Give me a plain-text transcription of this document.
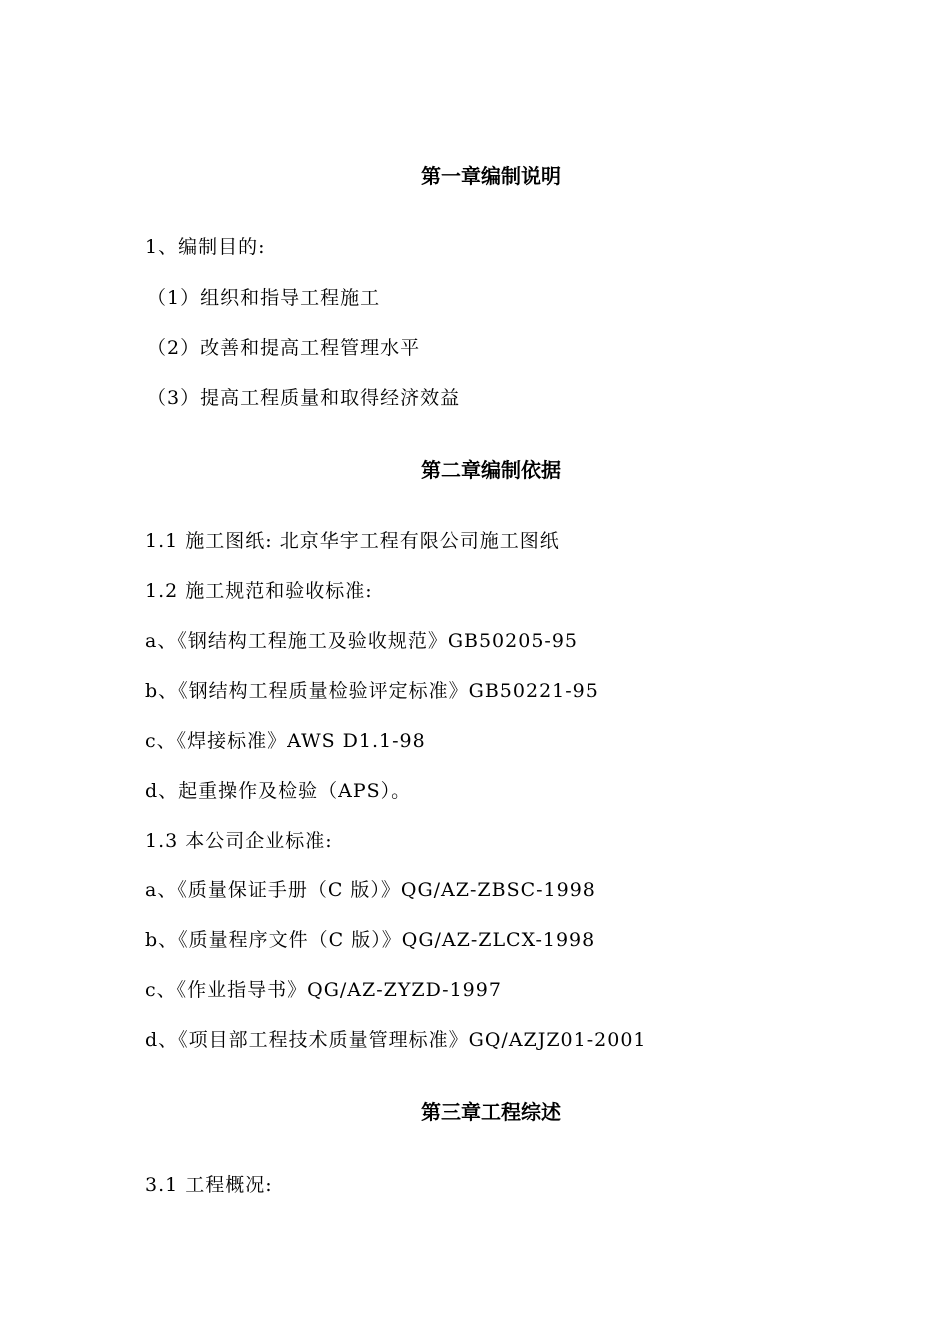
第一章编制说明
1、编制目的:
（1）组织和指导工程施工
（2）改善和提高工程管理水平
（3）提高工程质量和取得经济效益
第二章编制依据
1.1 施工图纸: 北京华宇工程有限公司施工图纸
1.2 施工规范和验收标准:
a、《钢结构工程施工及验收规范》GB50205-95
b、《钢结构工程质量检验评定标准》GB50221-95
c、《焊接标准》AWS D1.1-98
d、起重操作及检验（APS）。
1.3 本公司企业标准:
a、《质量保证手册（C 版）》QG/AZ-ZBSC-1998
b、《质量程序文件（C 版）》QG/AZ-ZLCX-1998
c、《作业指导书》QG/AZ-ZYZD-1997
d、《项目部工程技术质量管理标准》GQ/AZJZ01-2001
第三章工程综述
3.1 工程概况:
